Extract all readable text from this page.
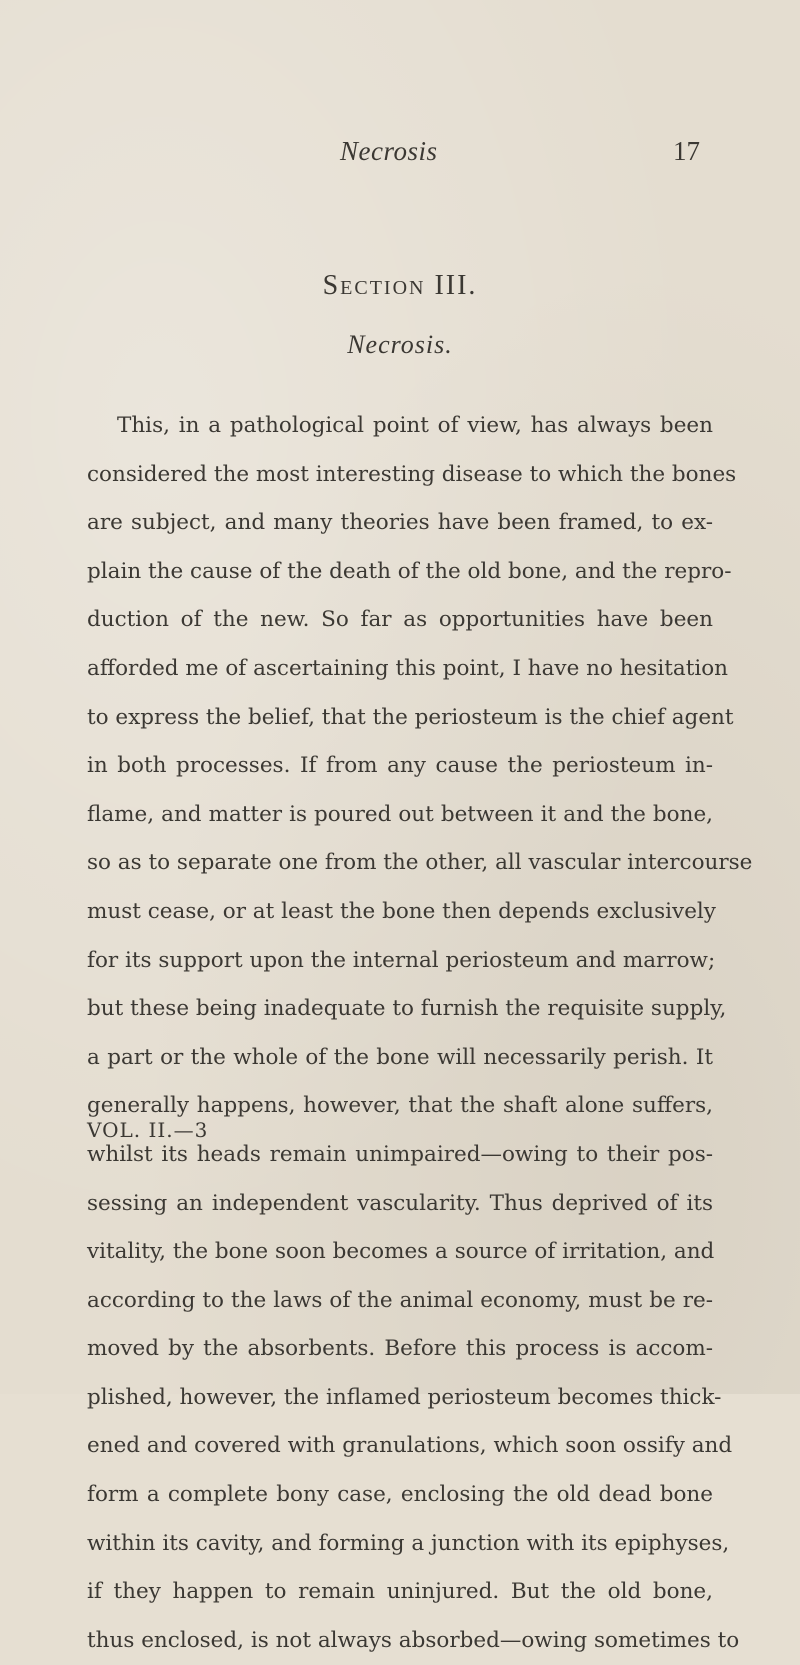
Necrosis	17
Section III.
Necrosis.
This, in a pathological point of view, has always been
considered the most interesting disease to which the bones
are subject, and many theories have been framed, to ex-
plain the cause of the death of the old bone, and the repro-
duction of the new. So far as opportunities have been
afforded me of ascertaining this point, I have no hesitation
to express the belief, that the periosteum is the chief agent
in both processes. If from any cause the periosteum in-
flame, and matter is poured out between it and the bone,
so as to separate one from the other, all vascular intercourse
must cease, or at least the bone then depends exclusively
for its support upon the internal periosteum and marrow;
but these being inadequate to furnish the requisite supply,
a part or the whole of the bone will necessarily perish. It
generally happens, however, that the shaft alone suffers,
whilst its heads remain unimpaired—owing to their pos-
sessing an independent vascularity. Thus deprived of its
vitality, the bone soon becomes a source of irritation, and
according to the laws of the animal economy, must be re-
moved by the absorbents. Before this process is accom-
plished, however, the inflamed periosteum becomes thick-
ened and covered with granulations, which soon ossify and
form a complete bony case, enclosing the old dead bone
within its cavity, and forming a junction with its epiphyses,
if they happen to remain uninjured. But the old bone,
thus enclosed, is not always absorbed—owing sometimes to
VOL. II.—3
